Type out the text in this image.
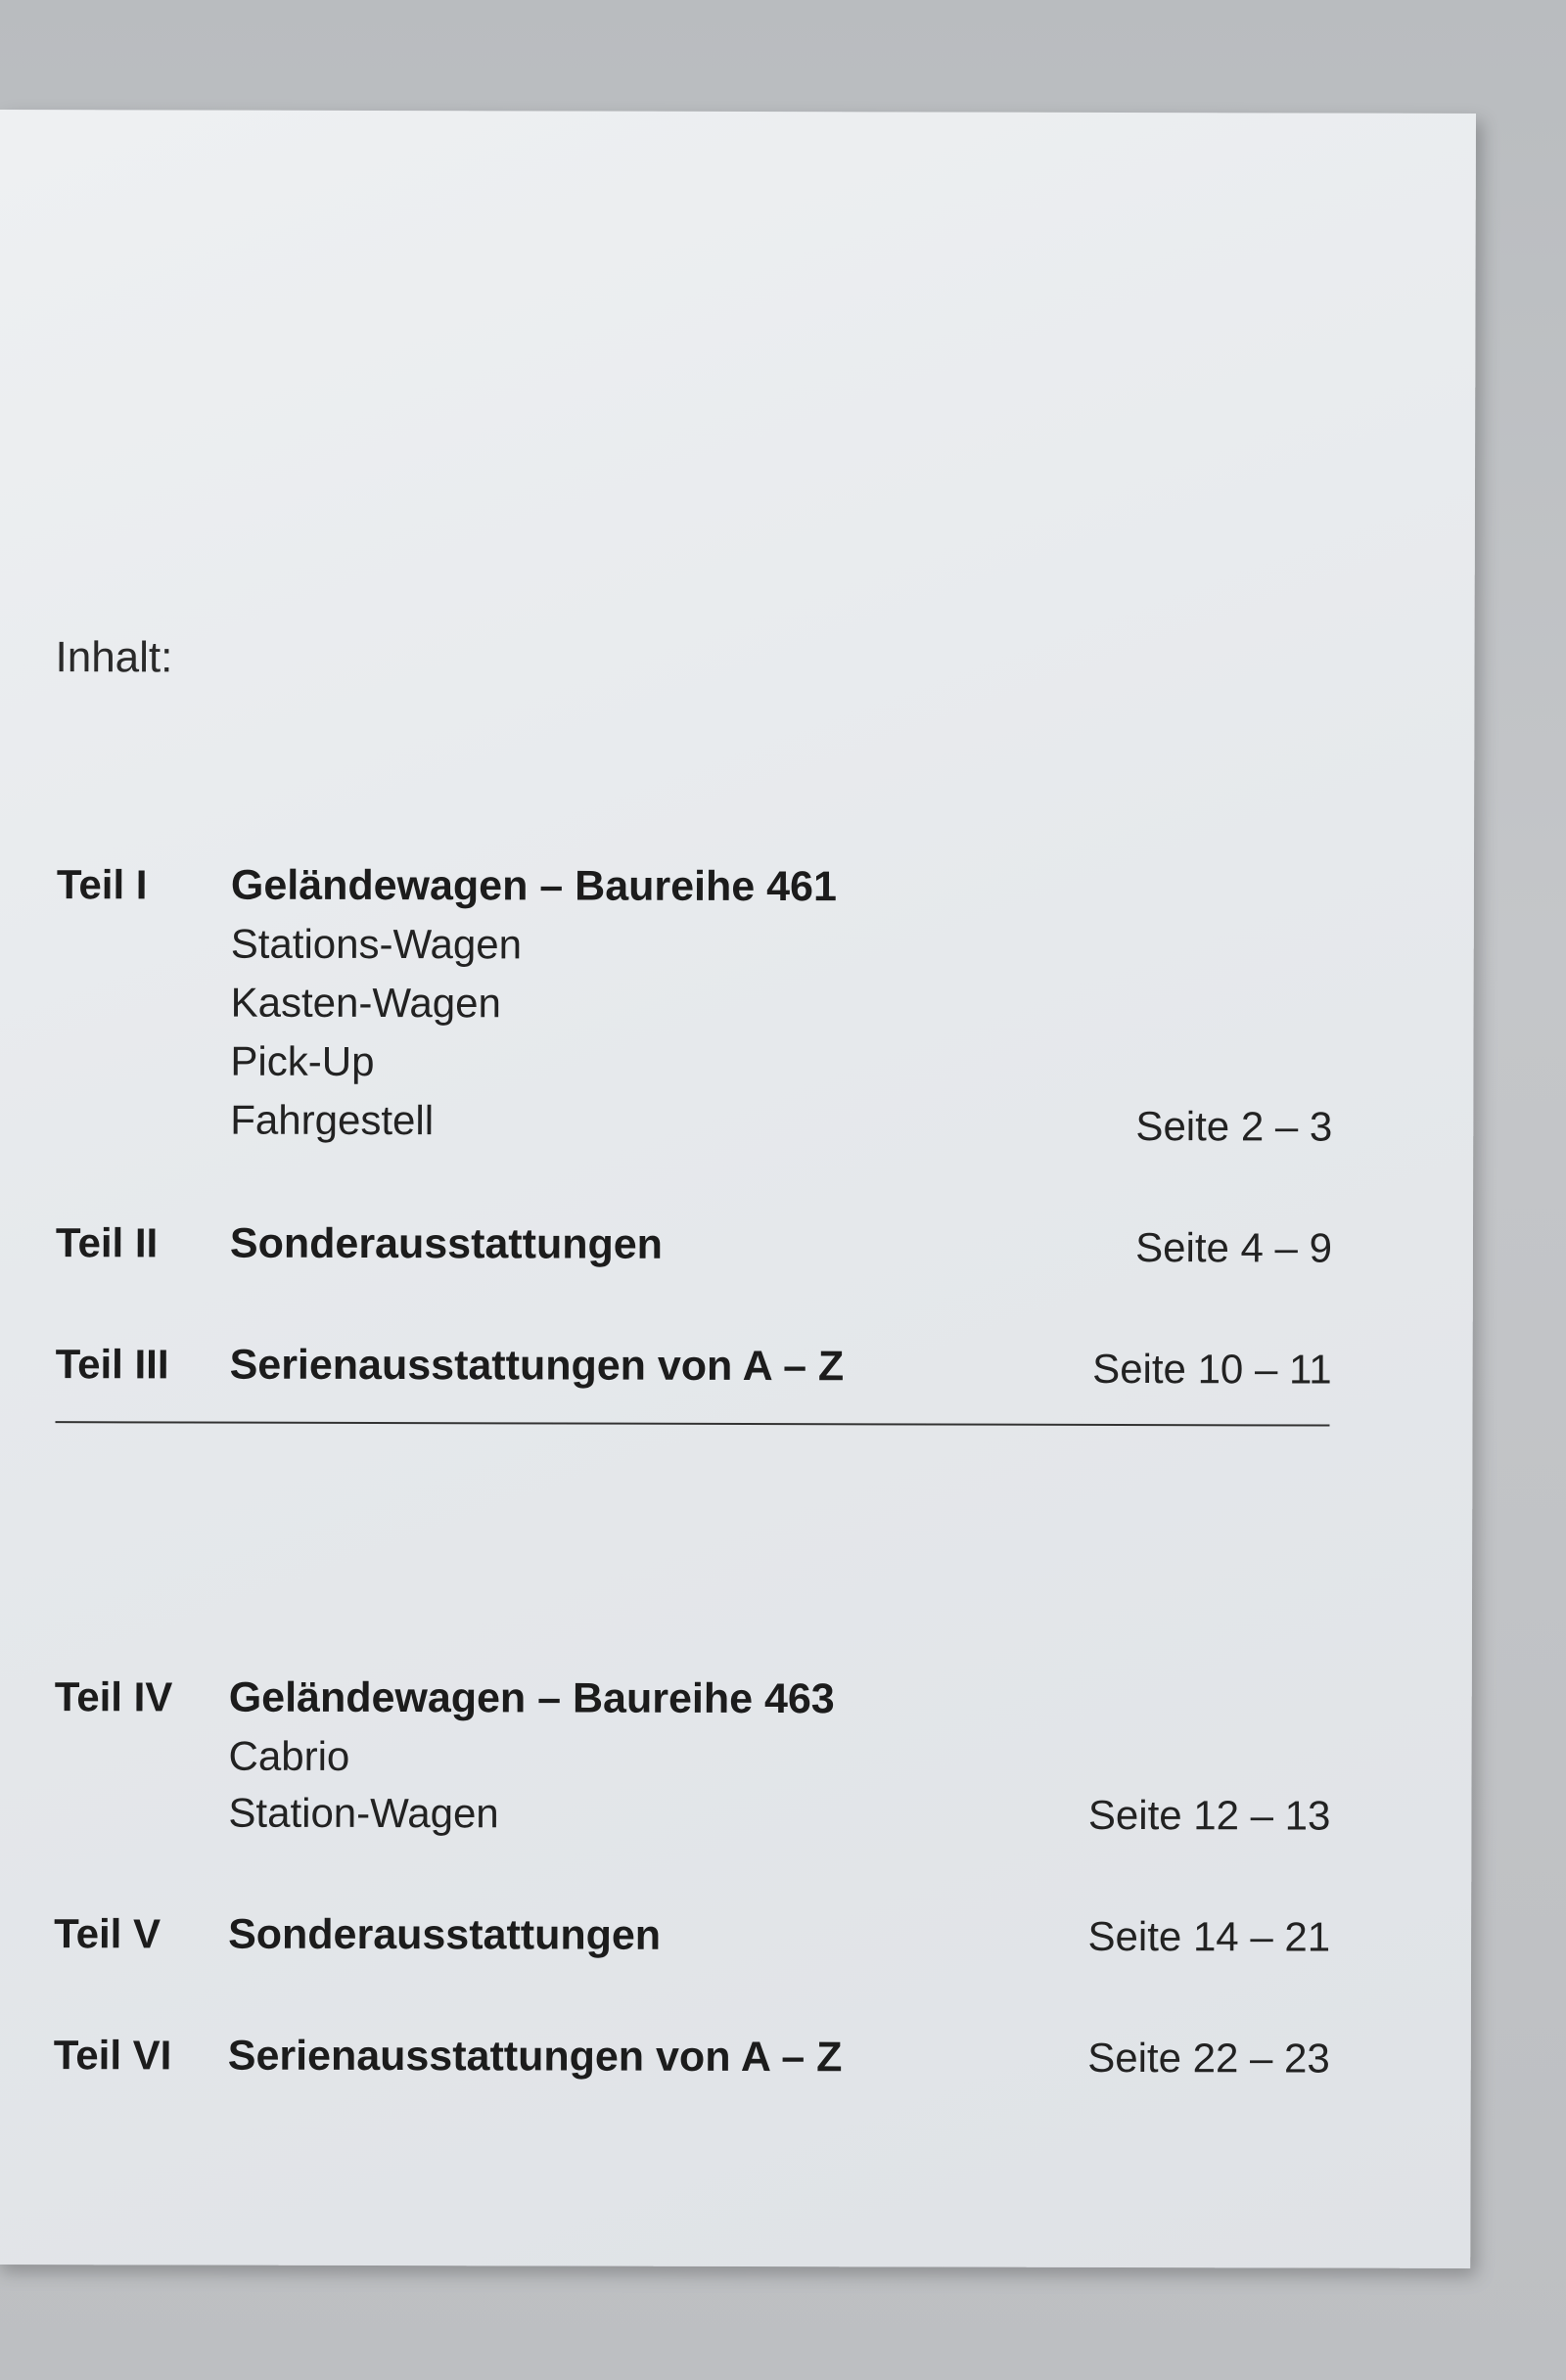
Inhalt:
Teil I Geländewagen – Baureihe 461
Stations-Wagen
Kasten-Wagen
Pick-Up
Fahrgestell	Seite 2 – 3
Teil II Sonderausstattungen	Seite 4 – 9
Teil III Serienausstattungen von A – Z	Seite 10 – 11
Teil IV Geländewagen – Baureihe 463
Cabrio
Station-Wagen	Seite 12 – 13
Teil V Sonderausstattungen	Seite 14 – 21
Teil VI Serienausstattungen von A – Z	Seite 22 – 23
